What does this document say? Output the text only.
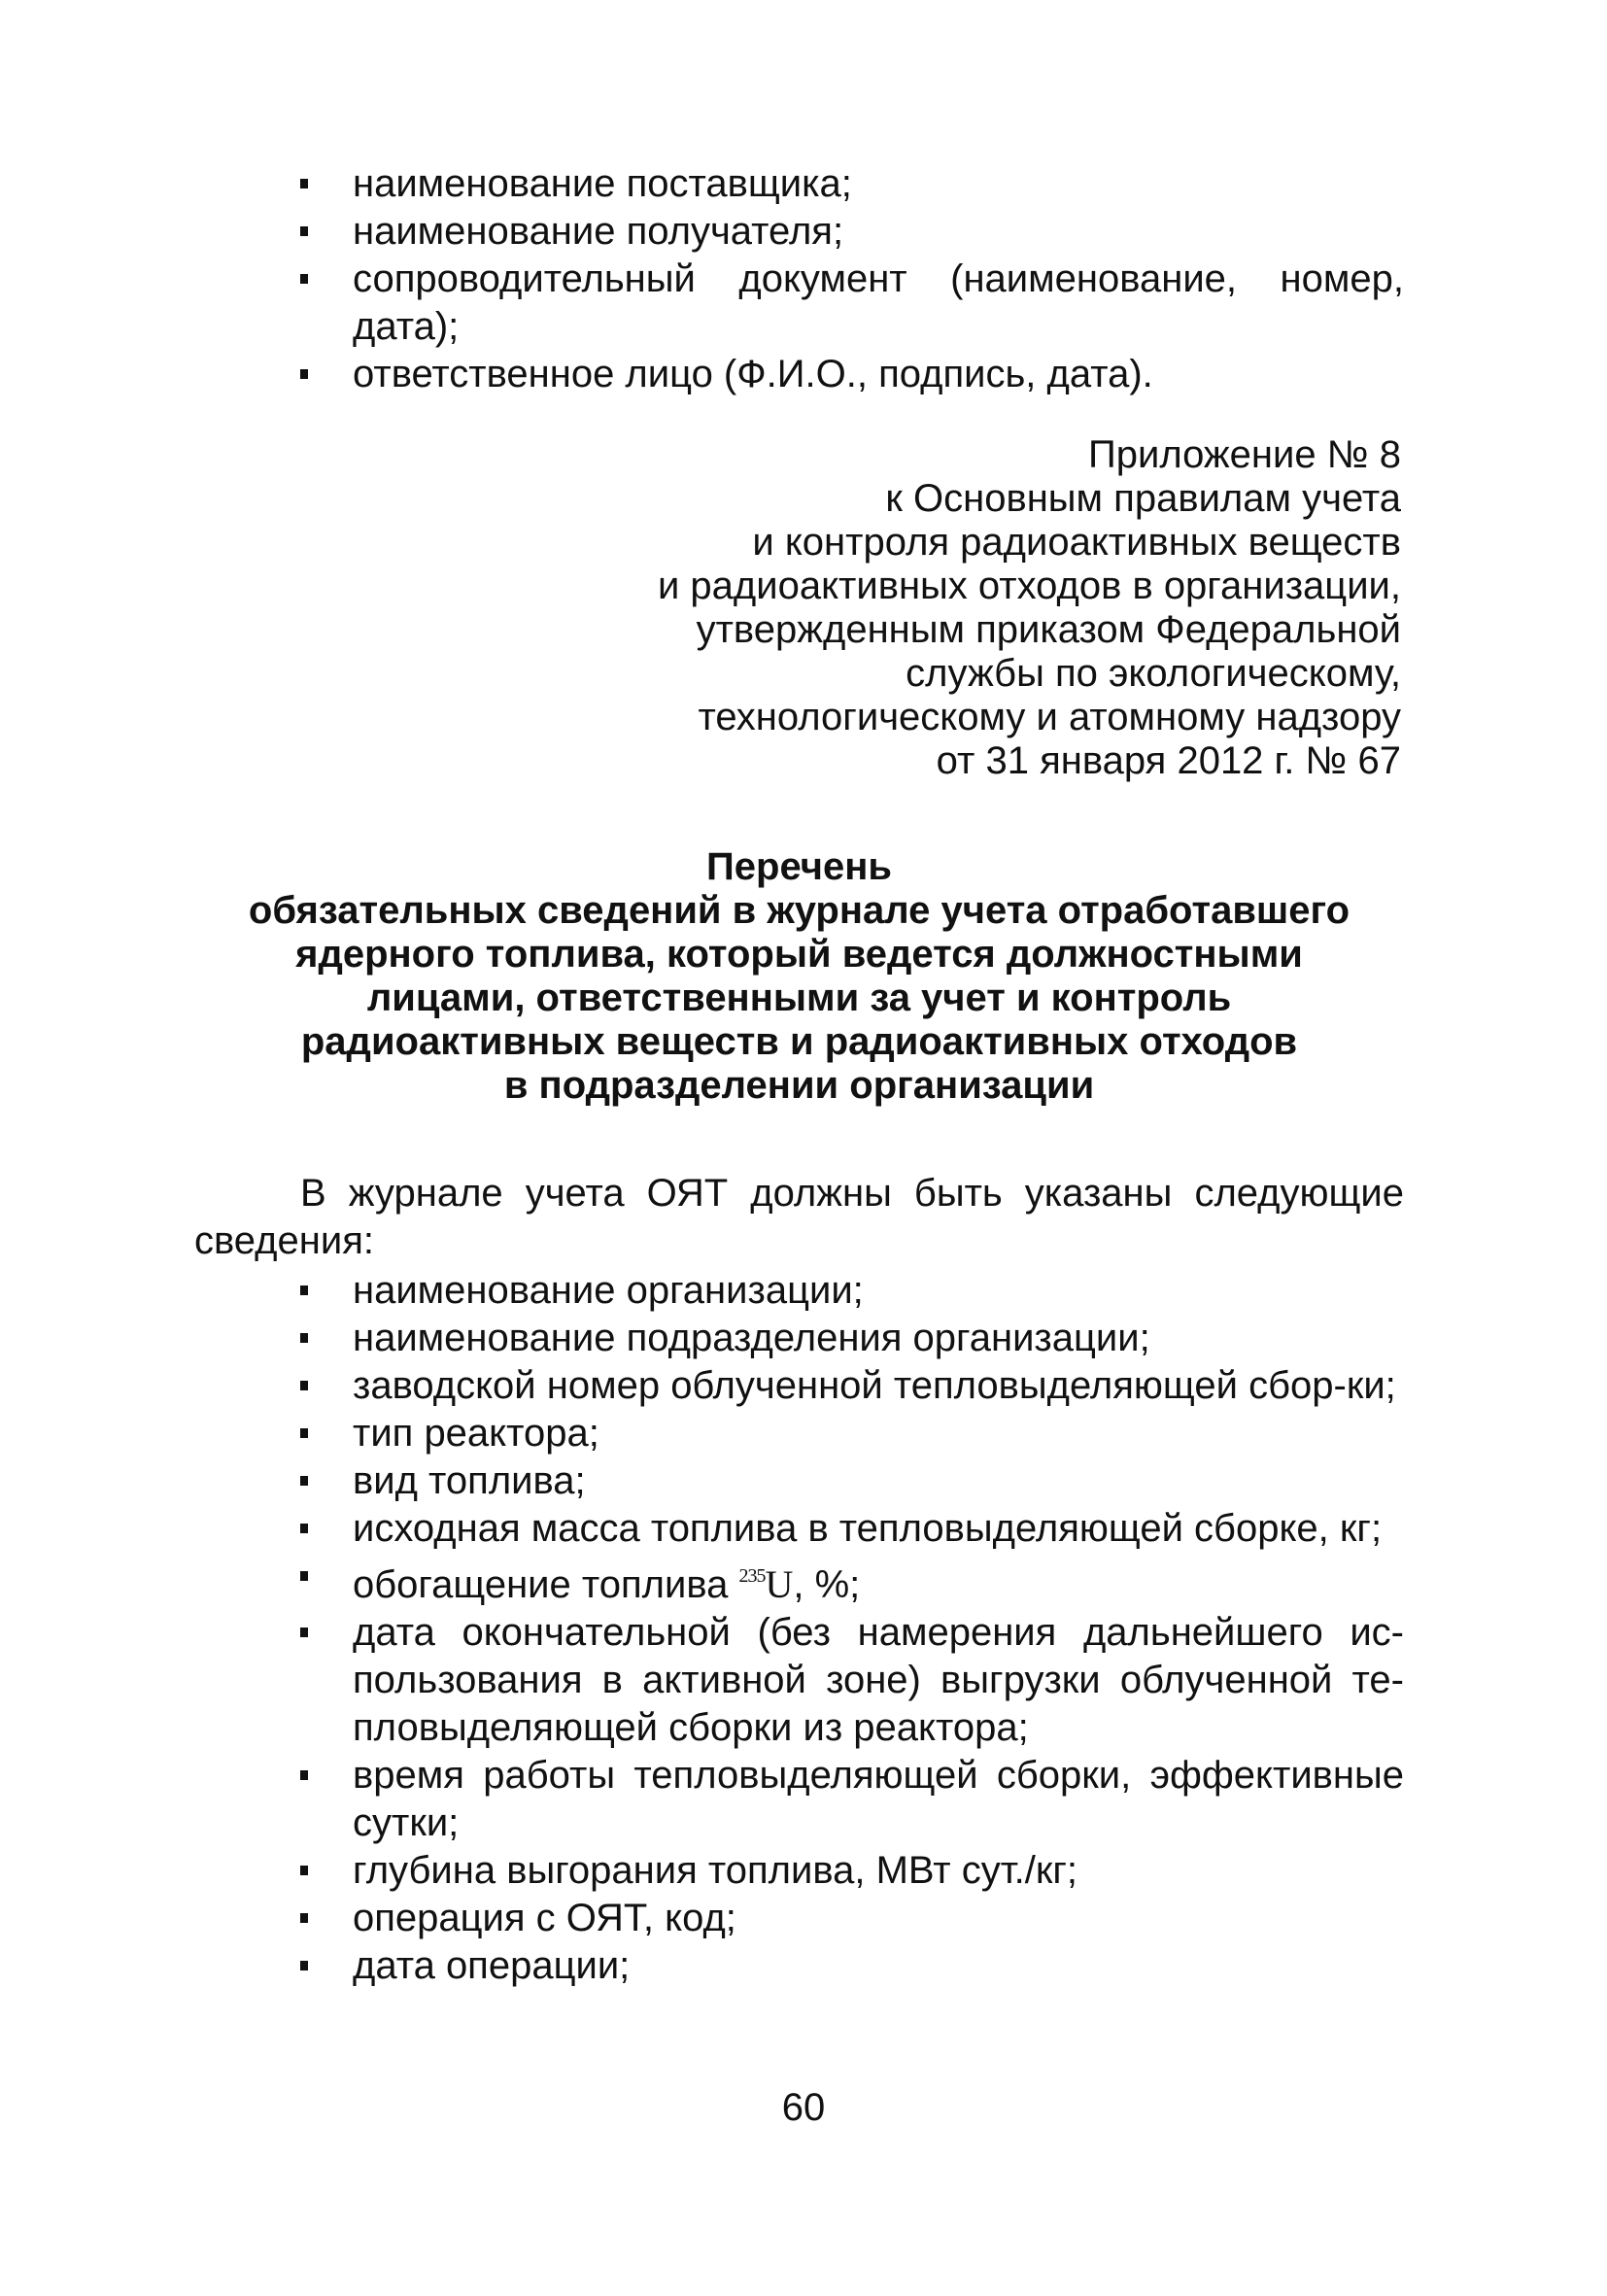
наименование поставщика;
наименование получателя;
сопроводительный документ (наименование, номер, дата);
ответственное лицо (Ф.И.О., подпись, дата).
Приложение № 8
к Основным правилам учета
и контроля радиоактивных веществ
и радиоактивных отходов в организации,
утвержденным приказом Федеральной
службы по экологическому,
технологическому и атомному надзору
от 31 января 2012 г. № 67
Перечень
обязательных сведений в журнале учета отработавшего
ядерного топлива, который ведется должностными
лицами, ответственными за учет и контроль
радиоактивных веществ и радиоактивных отходов
в подразделении организации
В журнале учета ОЯТ должны быть указаны следующие сведения:
наименование организации;
наименование подразделения организации;
заводской номер облученной тепловыделяющей сбор-ки;
тип реактора;
вид топлива;
исходная масса топлива в тепловыделяющей сборке, кг;
обогащение топлива $^{235}$U, %;
дата окончательной (без намерения дальнейшего ис-пользования в активной зоне) выгрузки облученной те-пловыделяющей сборки из реактора;
время работы тепловыделяющей сборки, эффективные сутки;
глубина выгорания топлива, МВт сут./кг;
операция с ОЯТ, код;
дата операции;
60
